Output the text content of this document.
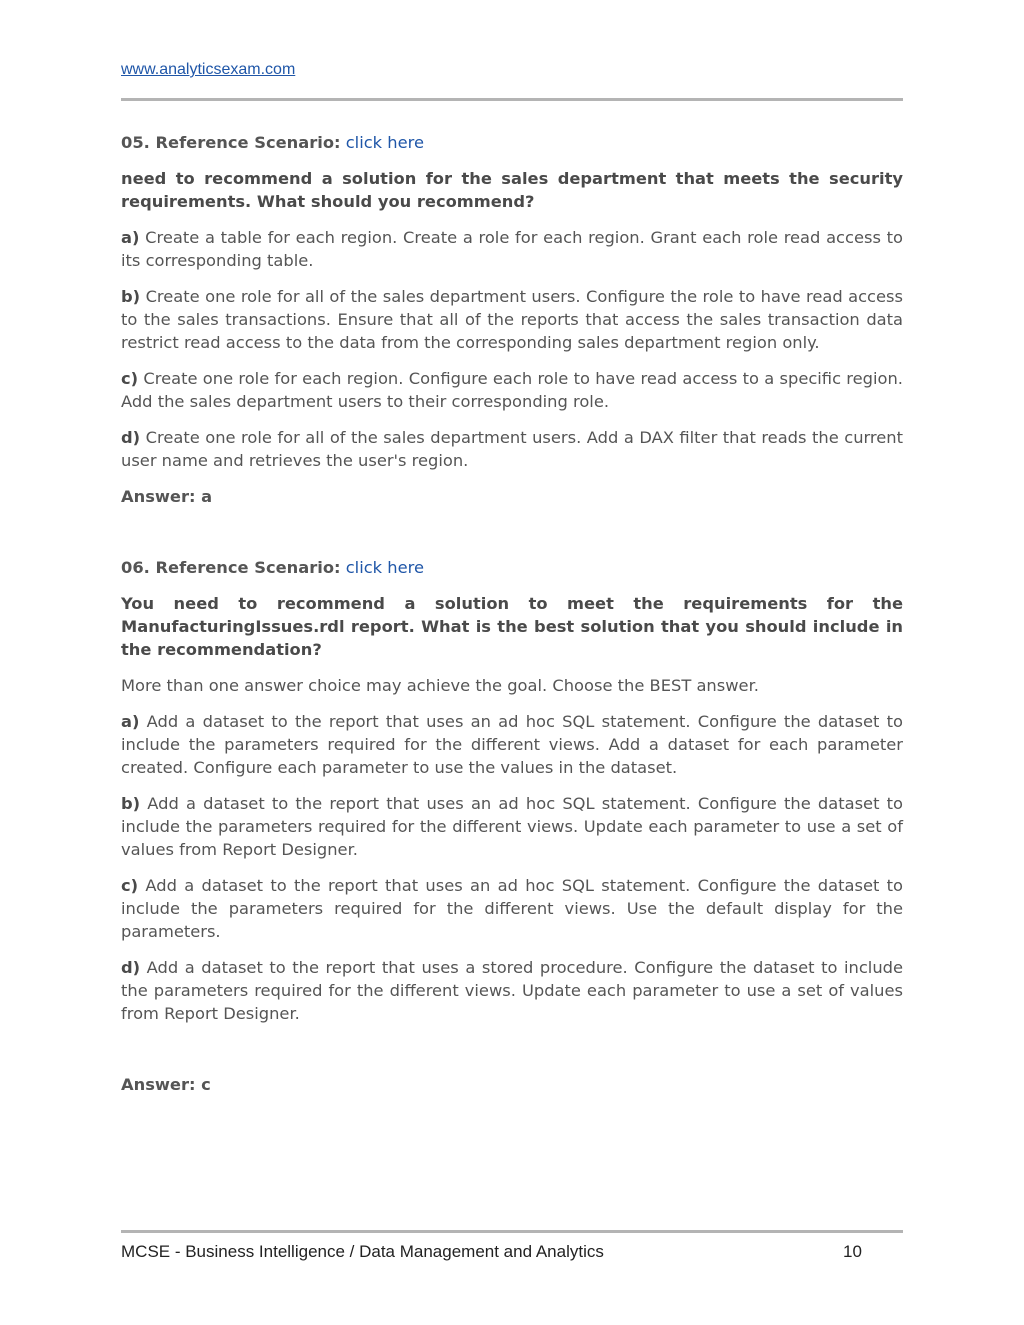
www.analyticsexam.com

05. Reference Scenario: click here

need to recommend a solution for the sales department that meets the security requirements. What should you recommend?

a) Create a table for each region. Create a role for each region. Grant each role read access to its corresponding table.

b) Create one role for all of the sales department users. Configure the role to have read access to the sales transactions. Ensure that all of the reports that access the sales transaction data restrict read access to the data from the corresponding sales department region only.

c) Create one role for each region. Configure each role to have read access to a specific region. Add the sales department users to their corresponding role.

d) Create one role for all of the sales department users. Add a DAX filter that reads the current user name and retrieves the user's region.

Answer: a

06. Reference Scenario: click here

You need to recommend a solution to meet the requirements for the ManufacturingIssues.rdl report. What is the best solution that you should include in the recommendation?

More than one answer choice may achieve the goal. Choose the BEST answer.

a) Add a dataset to the report that uses an ad hoc SQL statement. Configure the dataset to include the parameters required for the different views. Add a dataset for each parameter created. Configure each parameter to use the values in the dataset.

b) Add a dataset to the report that uses an ad hoc SQL statement. Configure the dataset to include the parameters required for the different views. Update each parameter to use a set of values from Report Designer.

c) Add a dataset to the report that uses an ad hoc SQL statement. Configure the dataset to include the parameters required for the different views. Use the default display for the parameters.

d) Add a dataset to the report that uses a stored procedure. Configure the dataset to include the parameters required for the different views. Update each parameter to use a set of values from Report Designer.

Answer: c

MCSE - Business Intelligence / Data Management and Analytics	10
